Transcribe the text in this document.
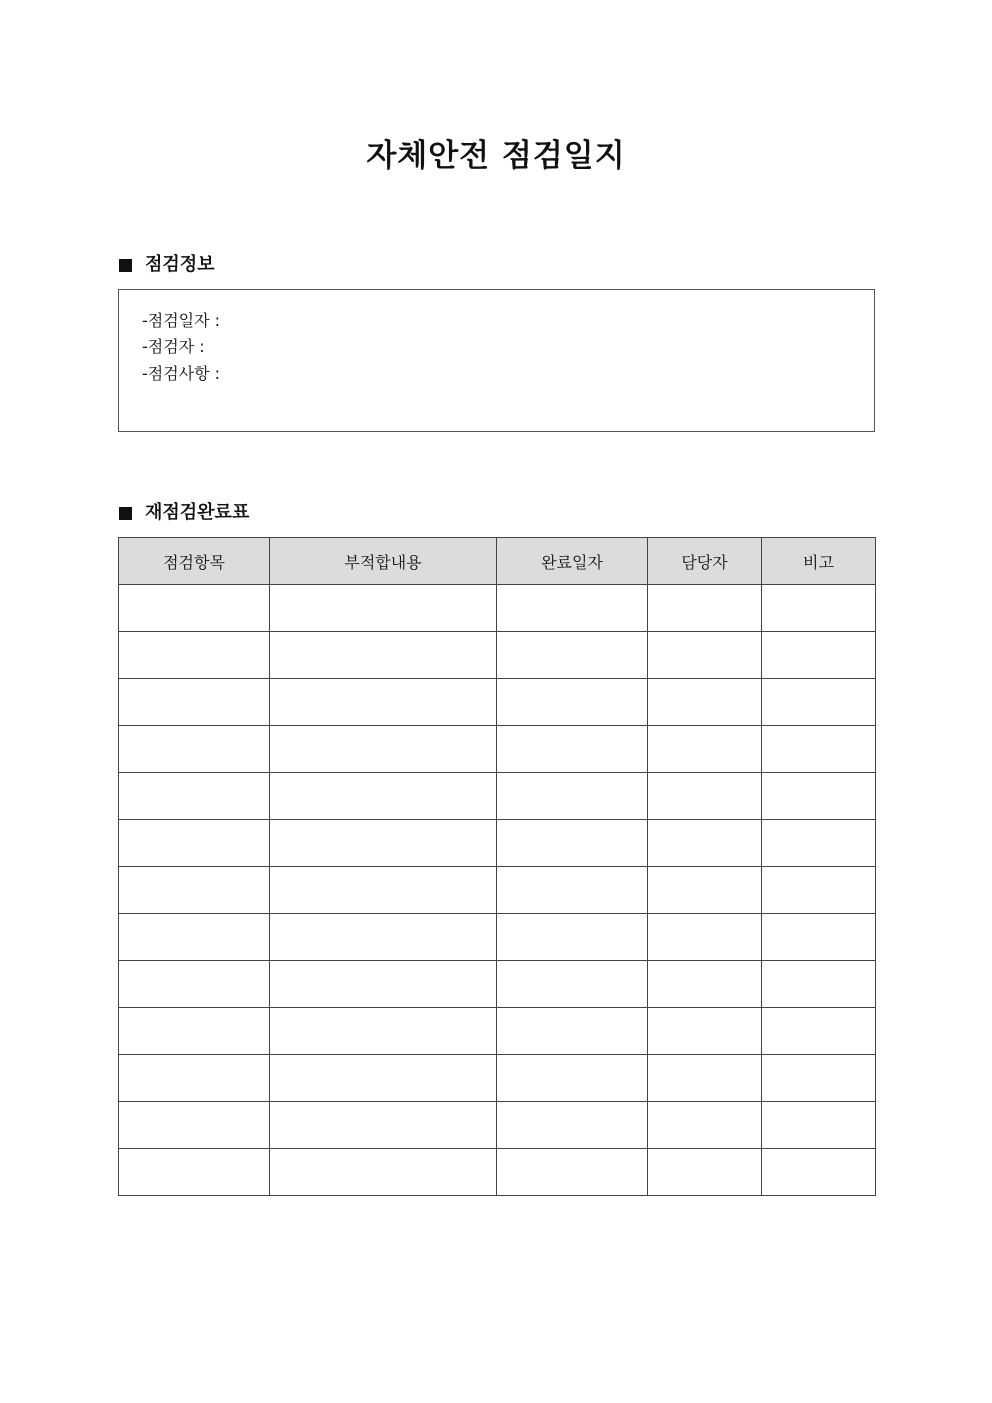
자체안전 점검일지
점검정보
-점검일자 :
-점검자 :
-점검사항 :
재점검완료표
점검항목	부적합내용	완료일자	담당자	비고
